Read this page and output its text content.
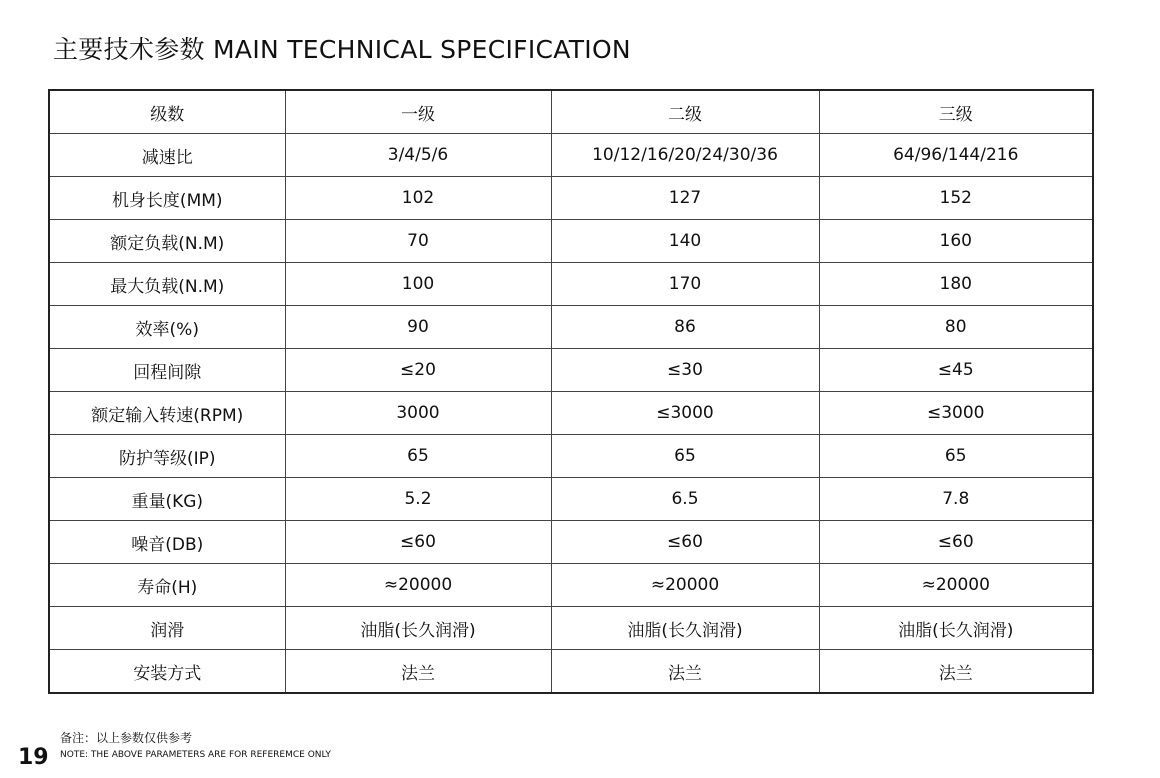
主要技术参数 MAIN TECHNICAL SPECIFICATION
级数	一级	二级	三级
减速比	3/4/5/6	10/12/16/20/24/30/36	64/96/144/216
机身长度(MM)	102	127	152
额定负载(N.M)	70	140	160
最大负载(N.M)	100	170	180
效率(%)	90	86	80
回程间隙	≤20	≤30	≤45
额定输入转速(RPM)	3000	≤3000	≤3000
防护等级(IP)	65	65	65
重量(KG)	5.2	6.5	7.8
噪音(DB)	≤60	≤60	≤60
寿命(H)	≈20000	≈20000	≈20000
润滑	油脂(长久润滑)	油脂(长久润滑)	油脂(长久润滑)
安装方式	法兰	法兰	法兰
备注：以上参数仅供参考
NOTE: THE ABOVE PARAMETERS ARE FOR REFEREMCE ONLY
19
